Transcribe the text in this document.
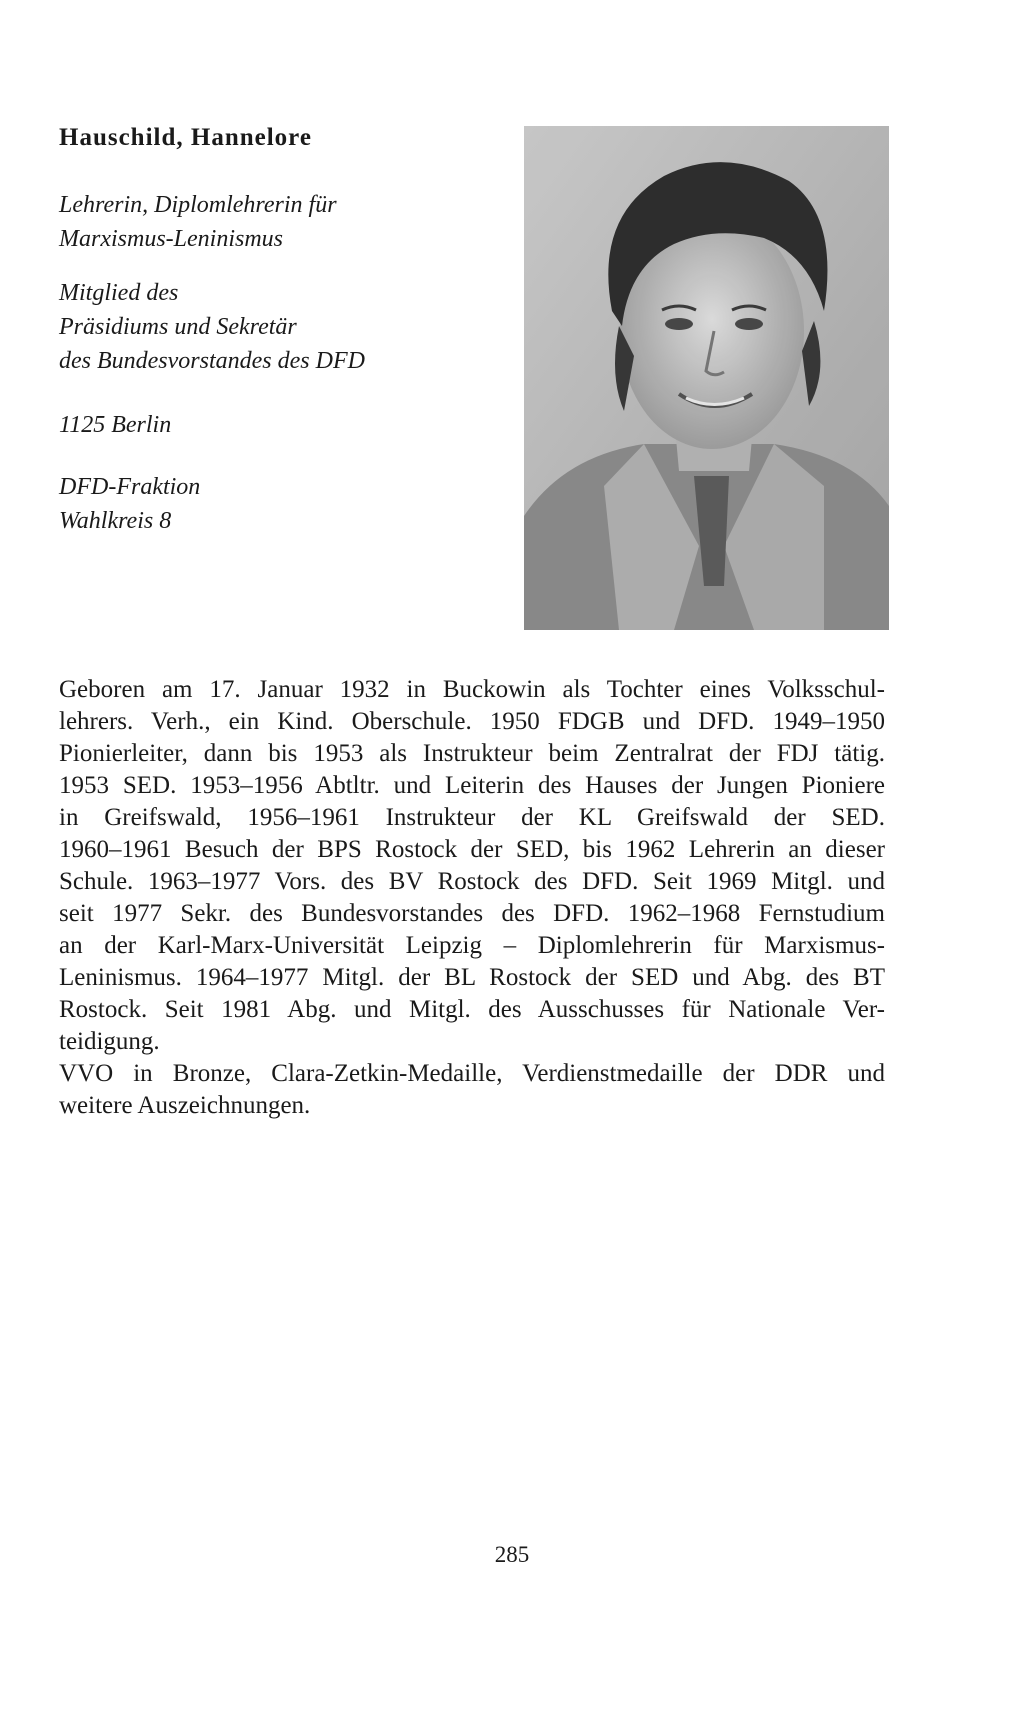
Hauschild, Hannelore

Lehrerin, Diplomlehrerin für
Marxismus-Leninismus

Mitglied des
Präsidiums und Sekretär
des Bundesvorstandes des DFD

1125 Berlin

DFD-Fraktion
Wahlkreis 8

Geboren am 17. Januar 1932 in Buckowin als Tochter eines Volksschul-
lehrers. Verh., ein Kind. Oberschule. 1950 FDGB und DFD. 1949–1950
Pionierleiter, dann bis 1953 als Instrukteur beim Zentralrat der FDJ tätig.
1953 SED. 1953–1956 Abtltr. und Leiterin des Hauses der Jungen Pioniere
in Greifswald, 1956–1961 Instrukteur der KL Greifswald der SED.
1960–1961 Besuch der BPS Rostock der SED, bis 1962 Lehrerin an dieser
Schule. 1963–1977 Vors. des BV Rostock des DFD. Seit 1969 Mitgl. und
seit 1977 Sekr. des Bundesvorstandes des DFD. 1962–1968 Fernstudium
an der Karl-Marx-Universität Leipzig – Diplomlehrerin für Marxismus-
Leninismus. 1964–1977 Mitgl. der BL Rostock der SED und Abg. des BT
Rostock. Seit 1981 Abg. und Mitgl. des Ausschusses für Nationale Ver-
teidigung.
VVO in Bronze, Clara-Zetkin-Medaille, Verdienstmedaille der DDR und
weitere Auszeichnungen.
285
